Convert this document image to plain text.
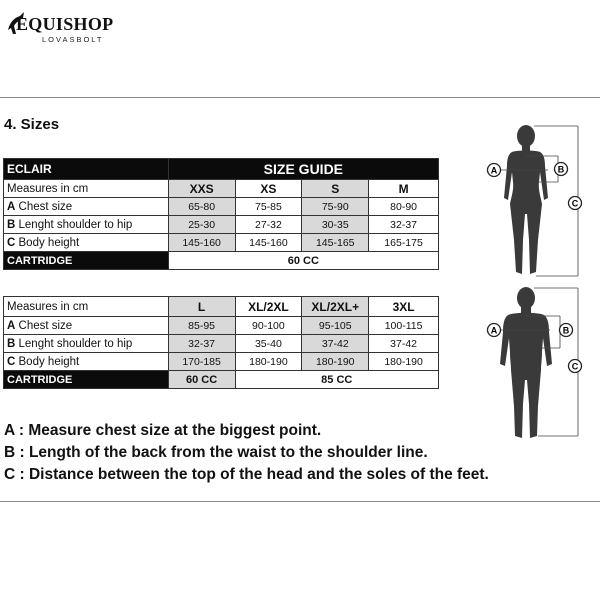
EQUISHOP
LOVASBOLT
4. Sizes
ECLAIR	SIZE GUIDE			
Measures in cm	XXS	XS	S	M
A Chest size	65-80	75-85	75-90	80-90
B Lenght shoulder to hip	25-30	27-32	30-35	32-37
C Body height	145-160	145-160	145-165	165-175
CARTRIDGE	60 CC			
Measures in cm	L	XL/2XL	XL/2XL+	3XL
A Chest size	85-95	90-100	95-105	100-115
B Lenght shoulder to hip	32-37	35-40	37-42	37-42
C Body height	170-185	180-190	180-190	180-190
CARTRIDGE	60 CC	85 CC		
A	B
C
A	B
C
A : Measure chest size at the biggest point.
B : Length of the back from the waist to the shoulder line.
C : Distance between the top of the head and the soles of the feet.
